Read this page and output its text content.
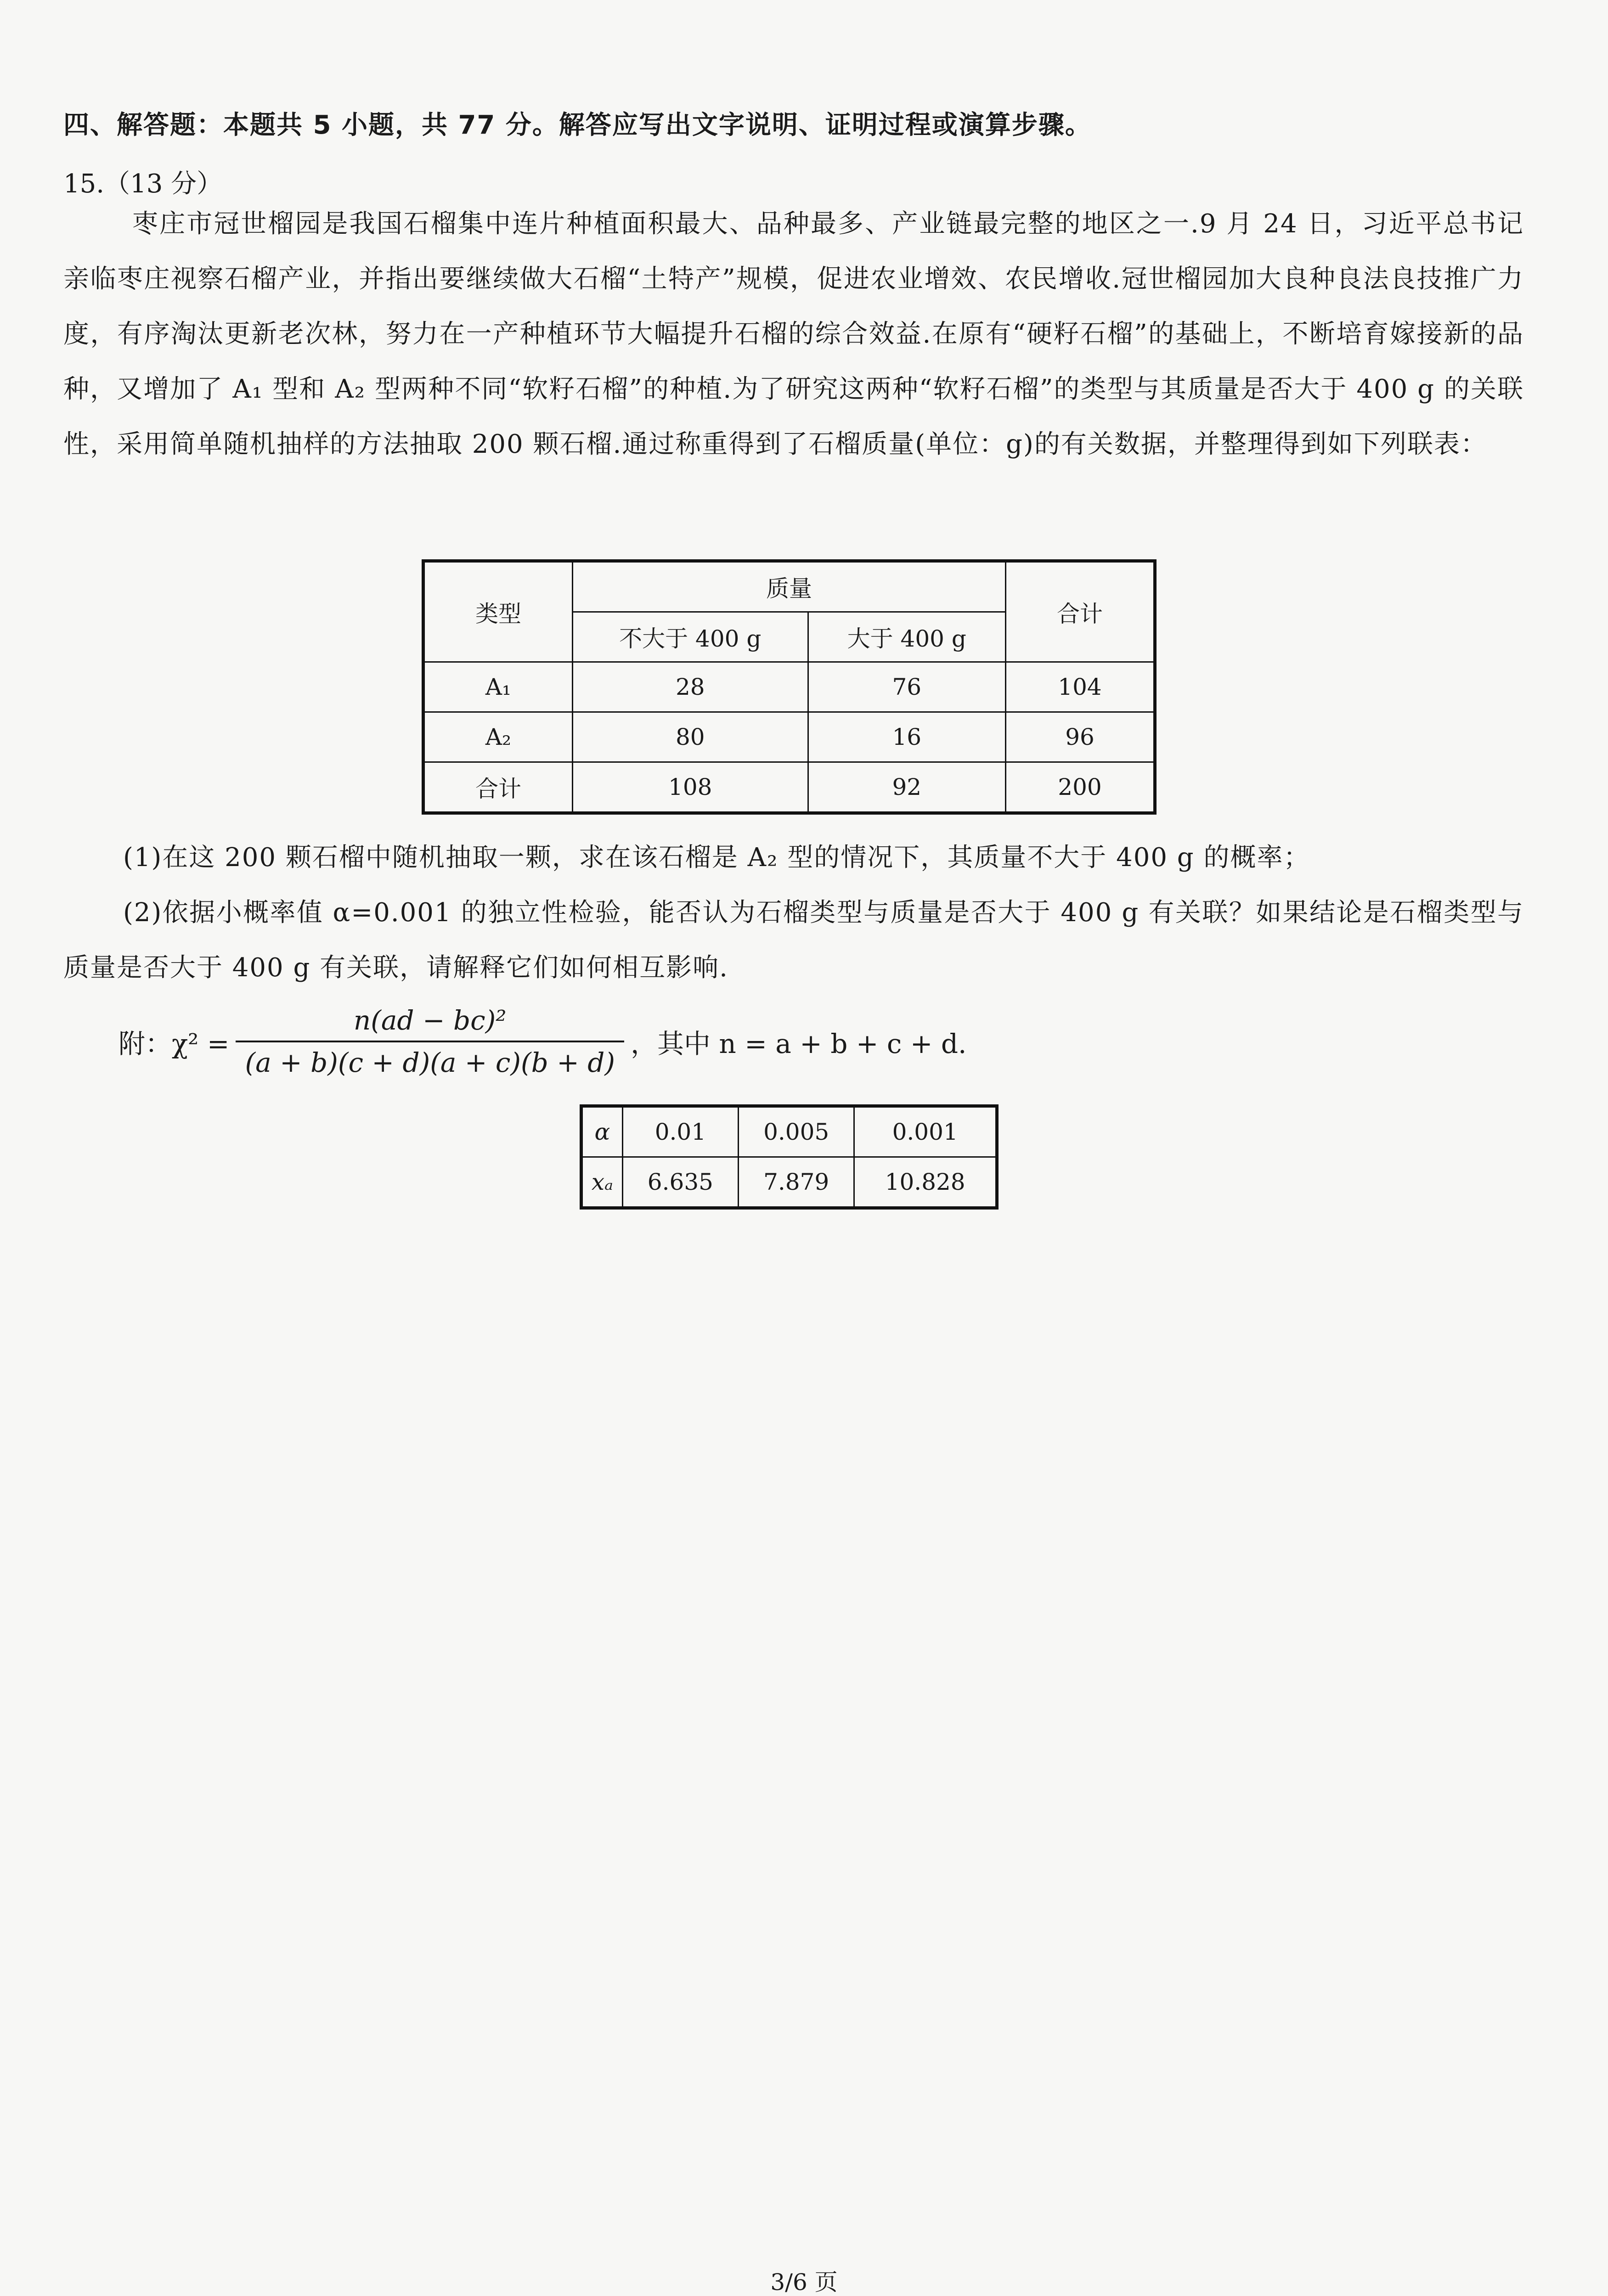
四、解答题：本题共 5 小题，共 77 分。解答应写出文字说明、证明过程或演算步骤。
15.（13 分）
枣庄市冠世榴园是我国石榴集中连片种植面积最大、品种最多、产业链最完整的地区之一.9 月 24 日，习近平总书记亲临枣庄视察石榴产业，并指出要继续做大石榴“土特产”规模，促进农业增效、农民增收.冠世榴园加大良种良法良技推广力度，有序淘汰更新老次林，努力在一产种植环节大幅提升石榴的综合效益.在原有“硬籽石榴”的基础上，不断培育嫁接新的品种，又增加了 A₁ 型和 A₂ 型两种不同“软籽石榴”的种植.为了研究这两种“软籽石榴”的类型与其质量是否大于 400 g 的关联性，采用简单随机抽样的方法抽取 200 颗石榴.通过称重得到了石榴质量(单位：g)的有关数据，并整理得到如下列联表：
类型	质量		合计
	不大于 400 g	大于 400 g	
A₁	28	76	104
A₂	80	16	96
合计	108	92	200
(1)在这 200 颗石榴中随机抽取一颗，求在该石榴是 A₂ 型的情况下，其质量不大于 400 g 的概率；
(2)依据小概率值 α=0.001 的独立性检验，能否认为石榴类型与质量是否大于 400 g 有关联？如果结论是石榴类型与质量是否大于 400 g 有关联，请解释它们如何相互影响.
附：$\chi^2 = \frac{\text{n(ad − bc)²}}{(a + b)(c + d)(a + c)(b + d)}$ ，其中 n = a + b + c + d.
α	0.01	0.005	0.001
xₐ	6.635	7.879	10.828
3/6 页
